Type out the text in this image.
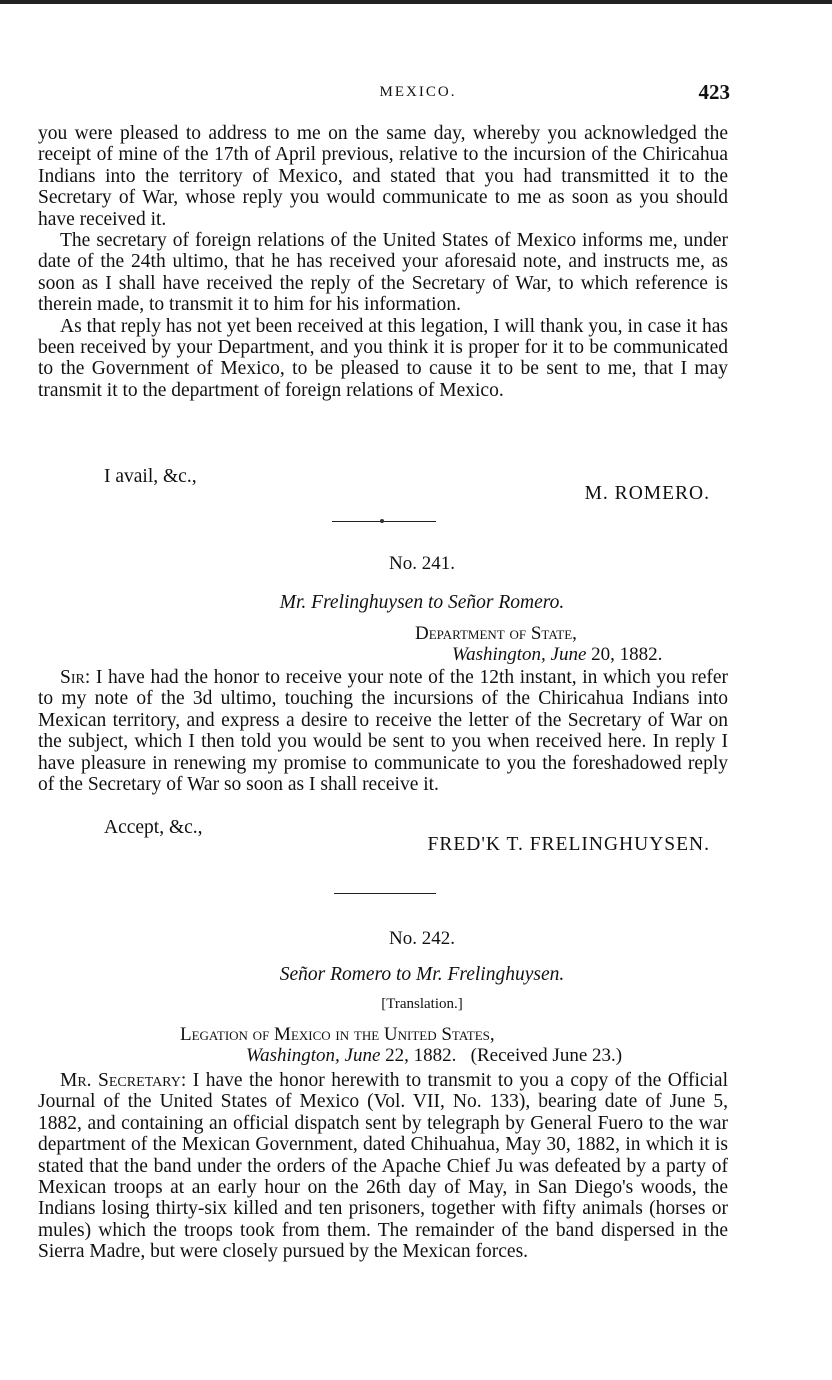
MEXICO.	423

you were pleased to address to me on the same day, whereby you acknowledged the receipt of mine of the 17th of April previous, relative to the incursion of the Chiricahua Indians into the territory of Mexico, and stated that you had transmitted it to the Secretary of War, whose reply you would communicate to me as soon as you should have received it.

The secretary of foreign relations of the United States of Mexico informs me, under date of the 24th ultimo, that he has received your aforesaid note, and instructs me, as soon as I shall have received the reply of the Secretary of War, to which reference is therein made, to transmit it to him for his information.

As that reply has not yet been received at this legation, I will thank you, in case it has been received by your Department, and you think it is proper for it to be communicated to the Government of Mexico, to be pleased to cause it to be sent to me, that I may transmit it to the department of foreign relations of Mexico.

I avail, &c.,
M. ROMERO.
No. 241.
Mr. Frelinghuysen to Señor Romero.
Department of State,
Washington, June 20, 1882.
Sir: I have had the honor to receive your note of the 12th instant, in which you refer to my note of the 3d ultimo, touching the incursions of the Chiricahua Indians into Mexican territory, and express a desire to receive the letter of the Secretary of War on the subject, which I then told you would be sent to you when received here. In reply I have pleasure in renewing my promise to communicate to you the foreshadowed reply of the Secretary of War so soon as I shall receive it.
Accept, &c.,
FRED'K T. FRELINGHUYSEN.
No. 242.
Señor Romero to Mr. Frelinghuysen.
[Translation.]
Legation of Mexico in the United States,
Washington, June 22, 1882. (Received June 23.)
Mr. Secretary: I have the honor herewith to transmit to you a copy of the Official Journal of the United States of Mexico (Vol. VII, No. 133), bearing date of June 5, 1882, and containing an official dispatch sent by telegraph by General Fuero to the war department of the Mexican Government, dated Chihuahua, May 30, 1882, in which it is stated that the band under the orders of the Apache Chief Ju was defeated by a party of Mexican troops at an early hour on the 26th day of May, in San Diego's woods, the Indians losing thirty-six killed and ten prisoners, together with fifty animals (horses or mules) which the troops took from them. The remainder of the band dispersed in the Sierra Madre, but were closely pursued by the Mexican forces.
